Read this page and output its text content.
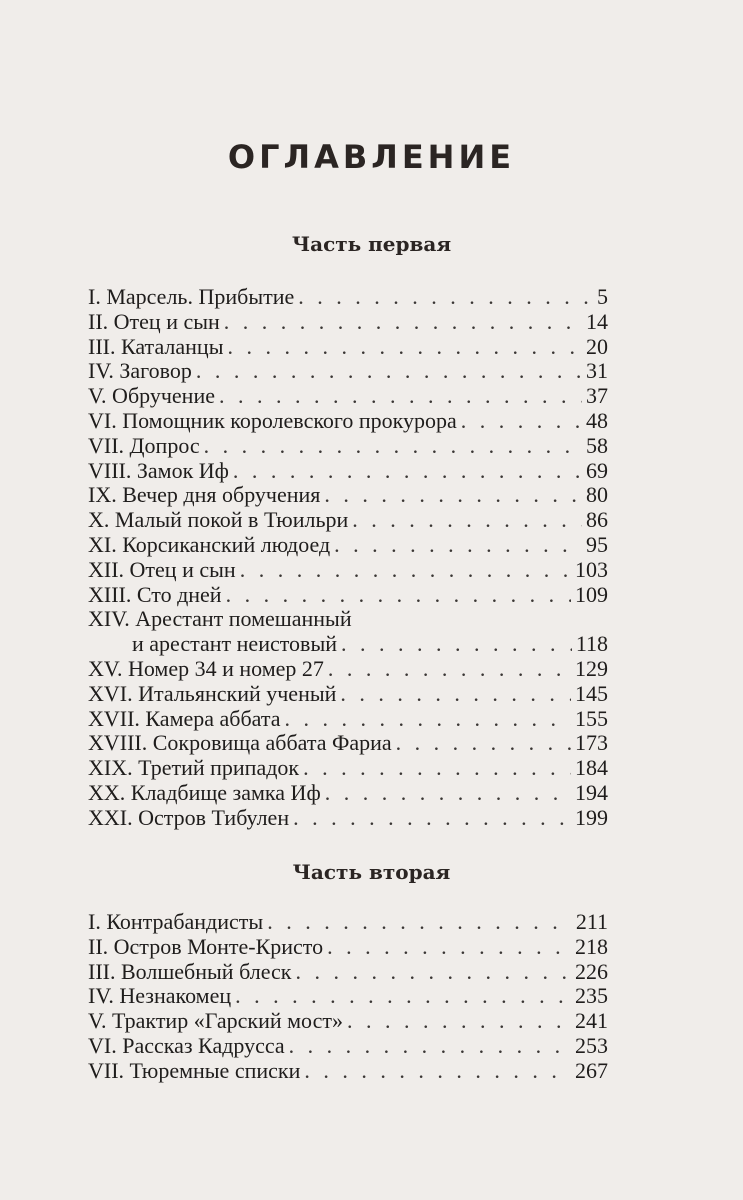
ОГЛАВЛЕНИЕ
Часть первая
I. Марсель. Прибытие . . .	5
II. Отец и сын . . .	14
III. Каталанцы . . .	20
IV. Заговор . . .	31
V. Обручение . . .	37
VI. Помощник королевского прокурора . . .	48
VII. Допрос . . .	58
VIII. Замок Иф . . .	69
IX. Вечер дня обручения . . .	80
X. Малый покой в Тюильри . . .	86
XI. Корсиканский людоед . . .	95
XII. Отец и сын . . .	103
XIII. Сто дней . . .	109
XIV. Арестант помешанный
и арестант неистовый . . .	118
XV. Номер 34 и номер 27 . . .	129
XVI. Итальянский ученый . . .	145
XVII. Камера аббата . . .	155
XVIII. Сокровища аббата Фариа . . .	173
XIX. Третий припадок . . .	184
XX. Кладбище замка Иф . . .	194
XXI. Остров Тибулен . . .	199
Часть вторая
I. Контрабандисты . . .	211
II. Остров Монте-Кристо . . .	218
III. Волшебный блеск . . .	226
IV. Незнакомец . . .	235
V. Трактир «Гарский мост» . . .	241
VI. Рассказ Кадрусса . . .	253
VII. Тюремные списки . . .	267
